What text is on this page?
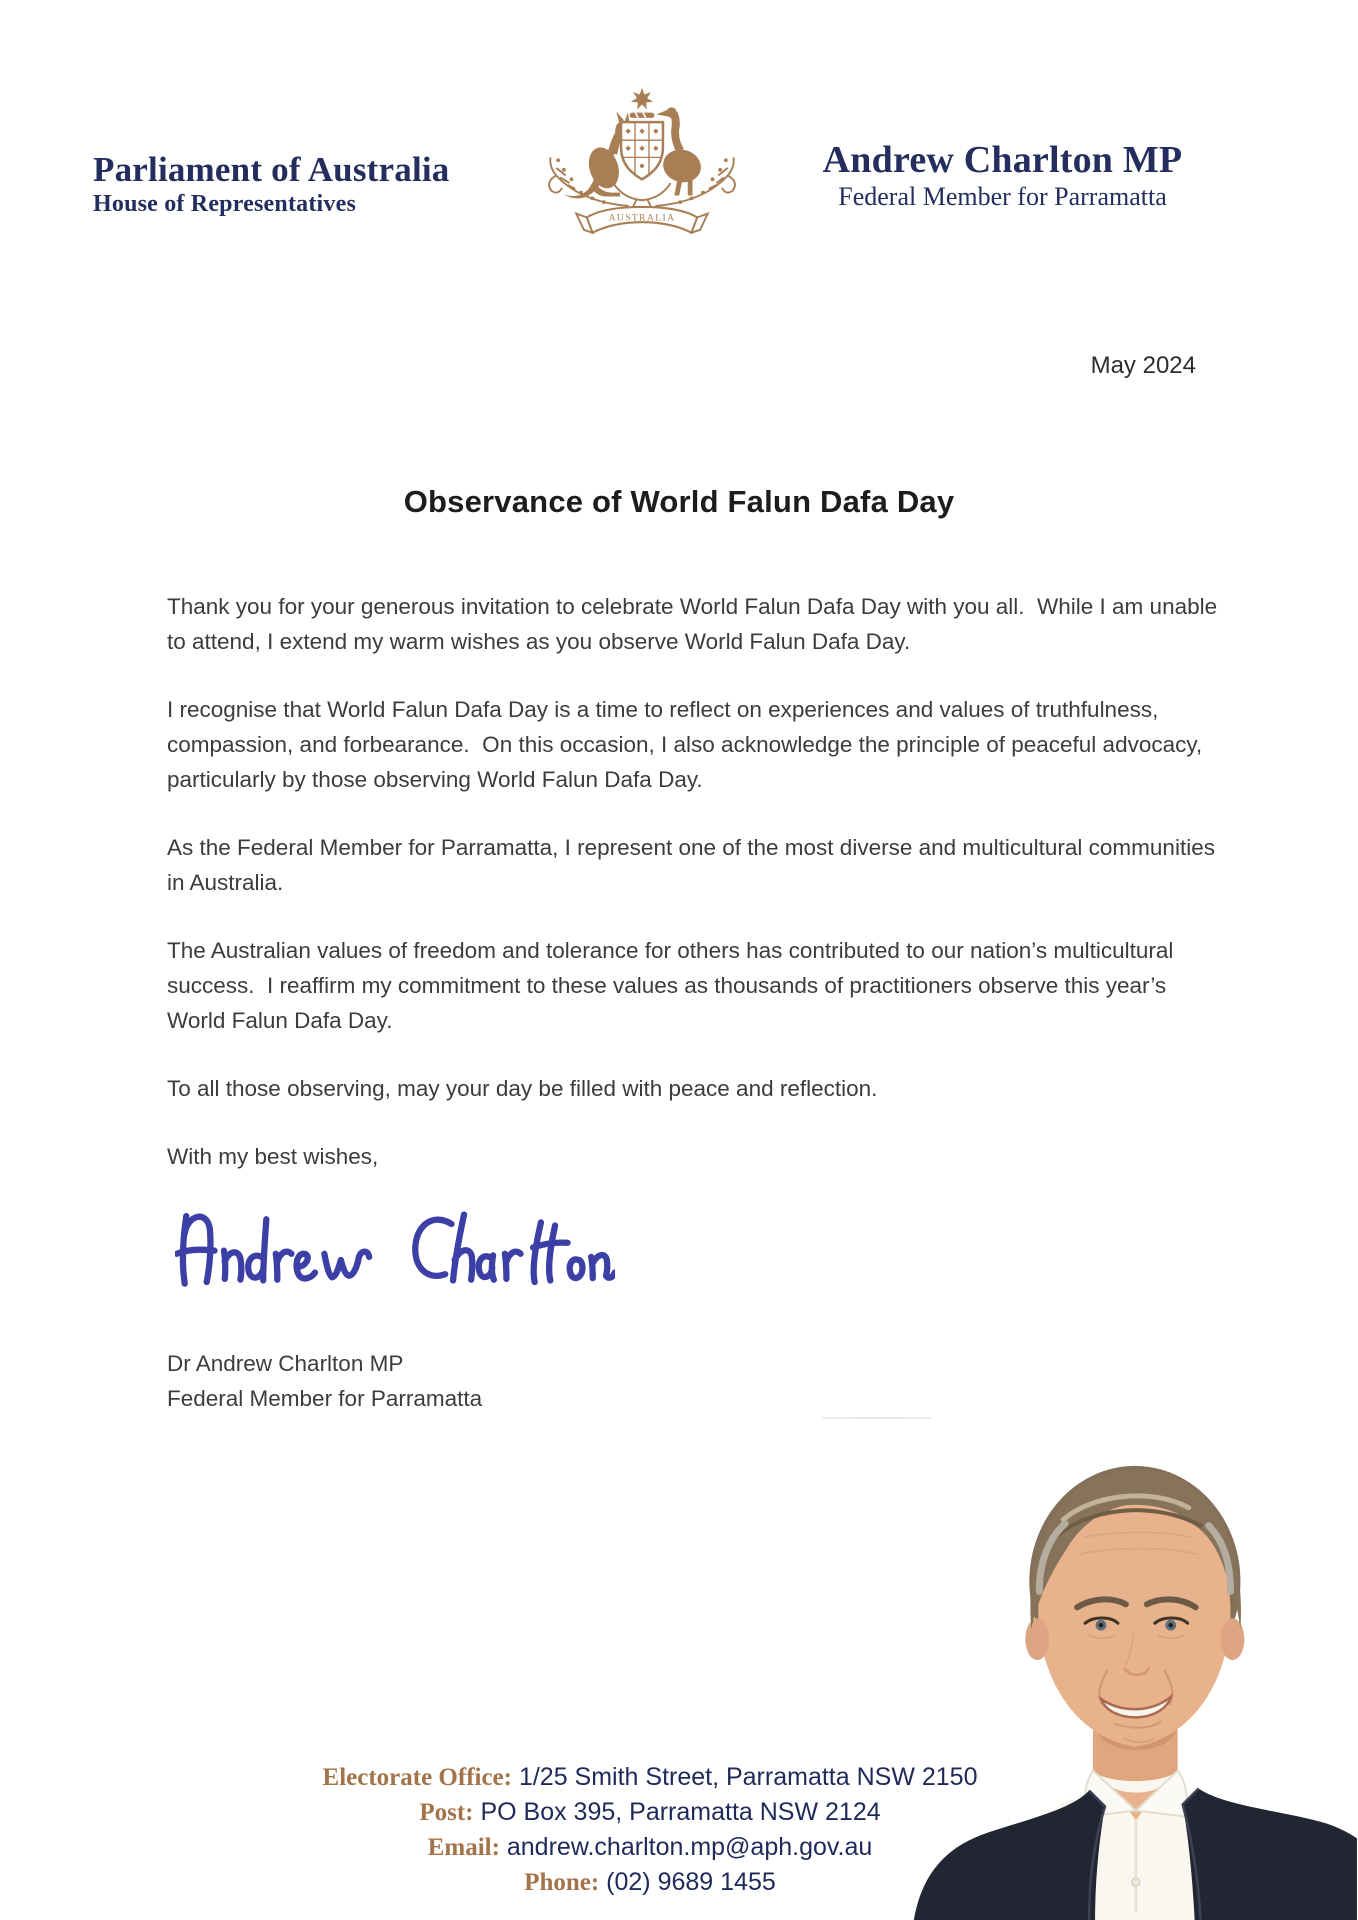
Parliament of Australia
House of Representatives
AUSTRALIA
Andrew Charlton MP
Federal Member for Parramatta
May 2024
Observance of World Falun Dafa Day

Thank you for your generous invitation to celebrate World Falun Dafa Day with you all.  While I am unable to attend, I extend my warm wishes as you observe World Falun Dafa Day.

I recognise that World Falun Dafa Day is a time to reflect on experiences and values of truthfulness, compassion, and forbearance.  On this occasion, I also acknowledge the principle of peaceful advocacy, particularly by those observing World Falun Dafa Day.

As the Federal Member for Parramatta, I represent one of the most diverse and multicultural communities in Australia.

The Australian values of freedom and tolerance for others has contributed to our nation’s multicultural success.  I reaffirm my commitment to these values as thousands of practitioners observe this year’s World Falun Dafa Day.

To all those observing, may your day be filled with peace and reflection.

With my best wishes,

Dr Andrew Charlton MP
Federal Member for Parramatta
Electorate Office: 1/25 Smith Street, Parramatta NSW 2150
Post: PO Box 395, Parramatta NSW 2124
Email: andrew.charlton.mp@aph.gov.au
Phone: (02) 9689 1455
